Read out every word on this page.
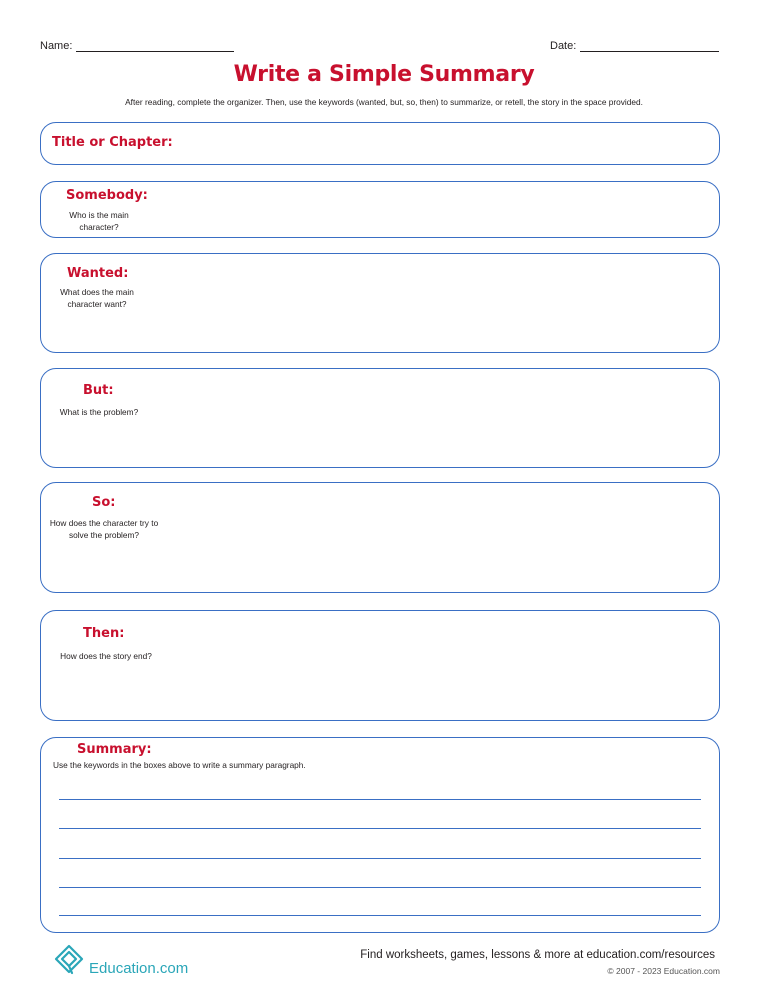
Name:	Date:
Write a Simple Summary
After reading, complete the organizer. Then, use the keywords (wanted, but, so, then) to summarize, or retell, the story in the space provided.
Title or Chapter:
Somebody:
Who is the main character?
Wanted:
What does the main character want?
But:
What is the problem?
So:
How does the character try to solve the problem?
Then:
How does the story end?
Summary:
Use the keywords in the boxes above to write a summary paragraph.
Education.com
Find worksheets, games, lessons & more at education.com/resources
© 2007 - 2023 Education.com
